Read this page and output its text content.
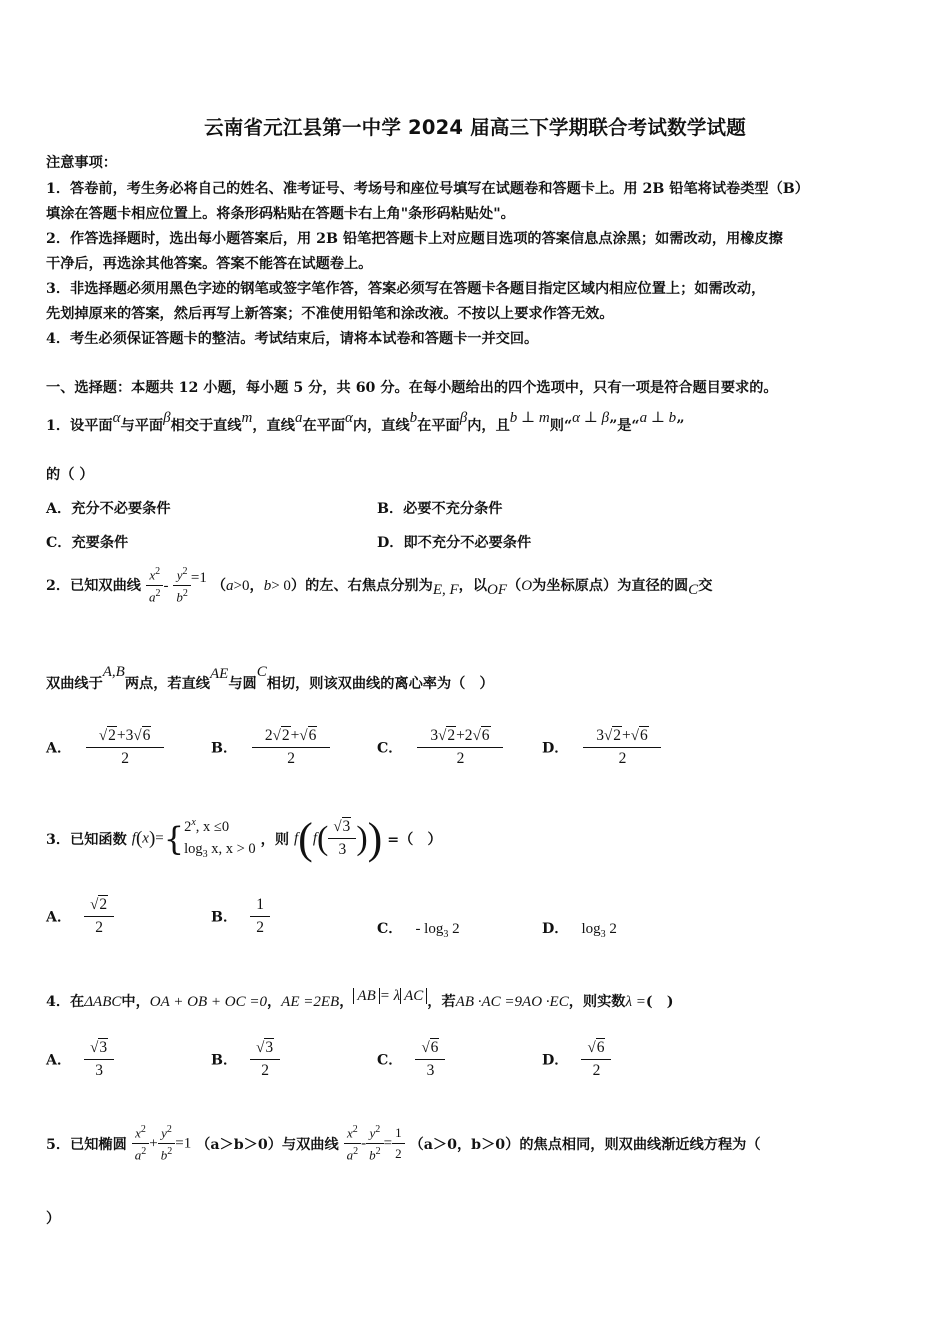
云南省元江县第一中学 2024 届高三下学期联合考试数学试题
注意事项：
1．答卷前，考生务必将自己的姓名、准考证号、考场号和座位号填写在试题卷和答题卡上。用 2B 铅笔将试卷类型（B）
填涂在答题卡相应位置上。将条形码粘贴在答题卡右上角"条形码粘贴处"。
2．作答选择题时，选出每小题答案后，用 2B 铅笔把答题卡上对应题目选项的答案信息点涂黑；如需改动，用橡皮擦
干净后，再选涂其他答案。答案不能答在试题卷上。
3．非选择题必须用黑色字迹的钢笔或签字笔作答，答案必须写在答题卡各题目指定区域内相应位置上；如需改动，
先划掉原来的答案，然后再写上新答案；不准使用铅笔和涂改液。不按以上要求作答无效。
4．考生必须保证答题卡的整洁。考试结束后，请将本试卷和答题卡一并交回。
一、选择题：本题共 12 小题，每小题 5 分，共 60 分。在每小题给出的四个选项中，只有一项是符合题目要求的。
1．设平面α与平面β相交于直线m，直线a在平面α内，直线b在平面β内，且b ⊥ m则“α ⊥ β”是“a ⊥ b”
的（ ）
A．充分不必要条件	B．必要不充分条件
C．充要条件	D．即不充分不必要条件
2．已知双曲线 $\frac{x^2}{a^2} - \frac{y^2}{b^2} =1$ （a>0，b> 0）的左、右焦点分别为E, F，以OF（O为坐标原点）为直径的圆C交
双曲线于A,B两点，若直线AE与圆C相切，则该双曲线的离心率为（　）
A． $\frac{√2+3√6}{2}$	B． $\frac{2√2+√6}{2}$	C． $\frac{3√2+2√6}{2}$	D． $\frac{3√2+√6}{2}$
3．已知函数 f(x)={ 2$^x$, x ≤0
$\log_3 x$, x > 0
，则 $f(f( \frac{√3}{3}$ )) =（　）
A． $\frac{√2}{2}$	B． $\frac{1}{2}$	C． - $\log_3 2$	D． $\log_3 2$
4．在ΔABC中，OA + OB + OC =0，AE =2EB， AB = λ AC ，若AB ·AC =9AO ·EC，则实数λ =(　)
A． $\frac{√3}{3}$	B． $\frac{√3}{2}$	C． $\frac{√6}{3}$	D． $\frac{√6}{2}$
5．已知椭圆 $\frac{x^2}{a^2} + \frac{y^2}{b^2} =1$ （a＞b＞0）与双曲线 $\frac{x^2}{a^2} - \frac{y^2}{b^2} = \frac{1}{2} (a>0$，b＞0）的焦点相同，则双曲线渐近线方程为（
）
